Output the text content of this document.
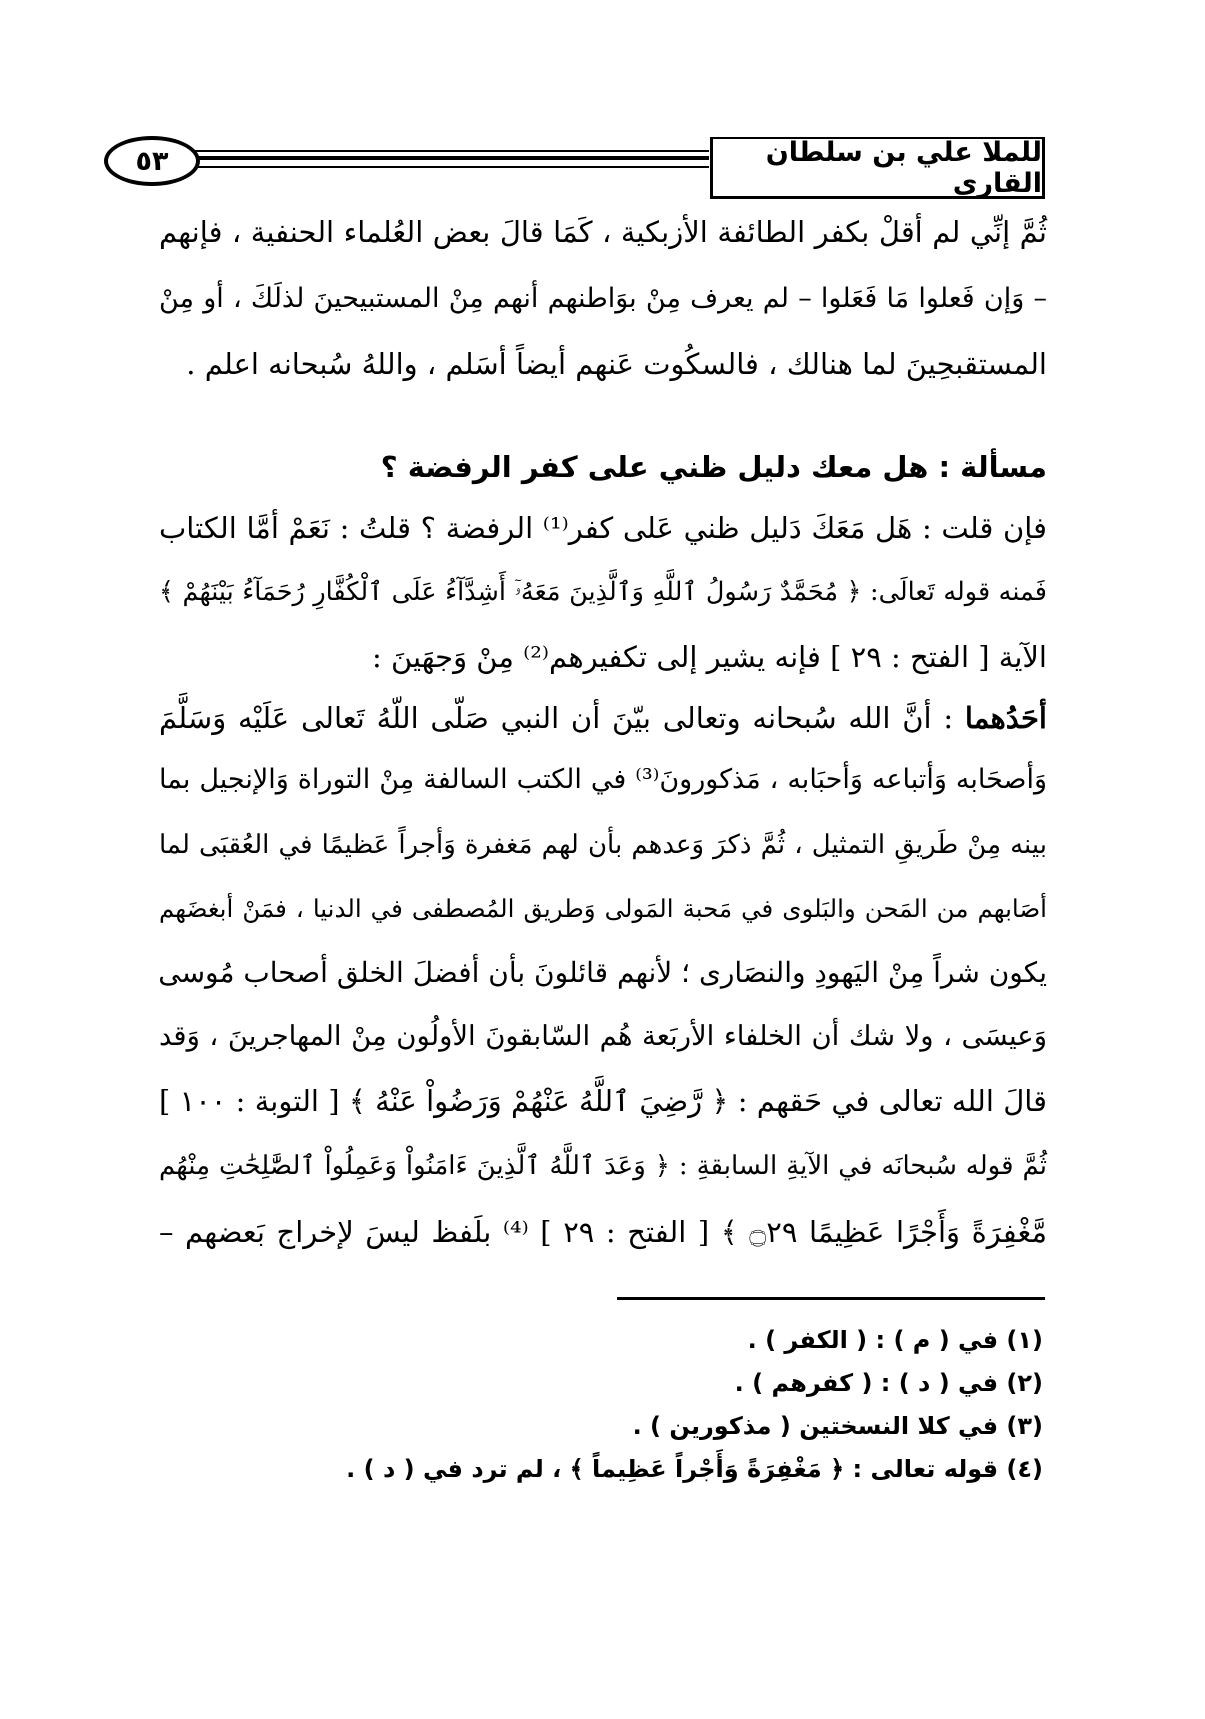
للملا علي بن سلطان القاري
٥٣
ثُمَّ إنِّي لم أقلْ بكفر الطائفة الأزبكية ، كَمَا قالَ بعض العُلماء الحنفية ، فإنهم
– وَإن فَعلوا مَا فَعَلوا – لم يعرف مِنْ بوَاطنهم أنهم مِنْ المستبيحينَ لذلَكَ ، أو مِنْ
المستقبحِينَ لما هنالك ، فالسكُوت عَنهم أيضاً أسَلم ، واللهُ سُبحانه اعلم .
مسألة : هل معك دليل ظني على كفر الرفضة ؟
فإن قلت : هَل مَعَكَ دَليل ظني عَلى كفر⁽¹⁾ الرفضة ؟ قلتُ : نَعَمْ أمَّا الكتاب
فَمنه قوله تَعالَى: ﴿ مُحَمَّدٌ رَسُولُ ٱللَّهِ وَٱلَّذِينَ مَعَهُۥٓ أَشِدَّآءُ عَلَى ٱلْكُفَّارِ رُحَمَآءُ بَيْنَهُمْ ﴾
الآية [ الفتح : ٢٩ ] فإنه يشير إلى تكفيرهم⁽²⁾ مِنْ وَجهَينَ :
أحَدُهما : أنَّ الله سُبحانه وتعالى بيّنَ أن النبي صَلّى اللّهُ تَعالى عَلَيْه وَسَلَّمَ
وَأصحَابه وَأتباعه وَأحبَابه ، مَذكورونَ⁽³⁾ في الكتب السالفة مِنْ التوراة وَالإنجيل بما
بينه مِنْ طَريقِ التمثيل ، ثُمَّ ذكرَ وَعدهم بأن لهم مَغفرة وَأجراً عَظيمًا في العُقبَى لما
أصَابهم من المَحن والبَلوى في مَحبة المَولى وَطريق المُصطفى في الدنيا ، فمَنْ أبغضَهم
يكون شراً مِنْ اليَهودِ والنصَارى ؛ لأنهم قائلونَ بأن أفضلَ الخلق أصحاب مُوسى
وَعيسَى ، ولا شك أن الخلفاء الأربَعة هُم السّابقونَ الأولُون مِنْ المهاجرينَ ، وَقد
قالَ الله تعالى في حَقهم : ﴿ رَّضِيَ ٱللَّهُ عَنْهُمْ وَرَضُواْ عَنْهُ ﴾ [ التوبة : ١٠٠ ]
ثُمَّ قوله سُبحانَه في الآيةِ السابقةِ : ﴿ وَعَدَ ٱللَّهُ ٱلَّذِينَ ءَامَنُواْ وَعَمِلُواْ ٱلصَّٰلِحَٰتِ مِنْهُم
مَّغْفِرَةً وَأَجْرًا عَظِيمًا ۝٢٩ ﴾ [ الفتح : ٢٩ ] ⁽⁴⁾ بلَفظ ليسَ لإخراج بَعضهم –
(١) في ( م ) : ( الكفر ) .
(٢) في ( د ) : ( كفرهم ) .
(٣) في كلا النسختين ( مذكورين ) .
(٤) قوله تعالى : ﴿ مَغْفِرَةً وَأَجْراً عَظِيماً ﴾ ، لم ترد في ( د ) .
